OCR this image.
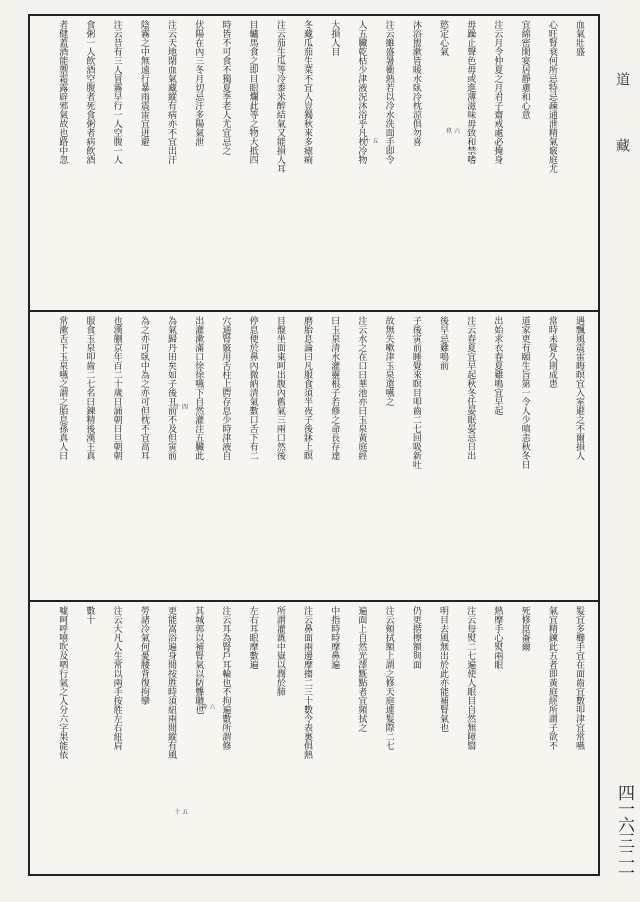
道 藏
血氣壯盛
心旺腎衰何所忌特忌疎通泄精氣竅庭尤
宜綿密閑宴居靜慮和心意
注云月令仲夏之月君子齋戒處必掩身
毋躁止聲色毋或進薄滋味毋致和禁嗜
慾定心氣
沐浴盥漱皆暖水臥冷枕涼俱勿喜
注云雖盛暑衝熱若以冷水洗面手即令
人五臟乾枯少津液況沐浴乎凡枕冷物
大損人目
冬藏瓜茄生菜不宜人豈獨秋來多瘧痢
注云茄生瓜等冷黍米醉結氣又能損人耳
目驢馬食之即目眼爛此等之物大抵四
時皆不可食不獨夏季老人尤宜忌之
伏陽在內三冬月切忌汗多陽氣泄
注云天地閉血氣藏縱有病亦不宜出汗
陰霧之中無遠行暴雨震雷宜迸避
注云昔有三人冒霧早行一人空腹一人
食粥一人飲酒空腹者死食粥者病飲酒
者健蓋酒能禦霜露辟邪氣故也路中忽	玖 六
十 五
遇飄風震雷晦暝宜入室避之不爾損人
當時未覺久則成患
道家更有頤生旨第一令人少嗔恚秋冬日
出始求衣春夏雞鳴宜早起
注云春夏宜早起秋冬任晏眠晏忌日出
後早忌雞鳴前
子後寅前睡覺來瞑目叩齒二七回吸新吐
故無失嗽津玉泉還嚥之
注云水之在口曰華池亦曰玉泉黃庭經
曰玉泉清水灌靈根子若修之命長存達
磨胎息論曰凡服食須半夜子後牀上瞑
目盤坐面東呵出腹內舊氣三兩口然後
停息便於鼻內微納清氣數口舌下有二
穴通腎竅用舌柱上腭存息少時津液自
出灌漱滿口徐徐嚥下自然灌注五臟此
為氣歸丹田矣如子後丑前不及但寅前
為之亦可臥中為之亦可但枕不宜高耳
也漢蒯京年百二十歲日誦朝日旦朝朝
服食玉泉叩齒二七名曰鍊精後漢王真
常漱舌下玉泉嚥之謂之胎息孫真人曰	十 四
髮宜多櫛手宜在面齒宜數叩津宜常嚥
氣宜精鍊此五者即黃庭經所謂子欲不
死修崑崙爾
熱摩手心熨兩眼
注云每熨二七遍使人眼目自然無障翳
明目去風無出於此亦能補腎氣也
仍更揩擦額與面
注云頰拭額上謂之修天庭連髮際二七
遍面上自然光澤黖點者宜頻拭之
中指時時摩鼻遍
注云鼻面兩邊摩搊二三十數令表裏俱熱
所謂灌溉中嶽以潤於肺
左右耳眼摩數遍
注云耳為腎戶耳輪也不拘遍數所謂修
其城郭以補腎氣以防聾聵也
更能嵩浴遍身間按胜時須紐兩間縱有風
勞諸冷氣何憂腰背復拘攣
注云大凡人生常以兩手按胜左右紐肩
數十
噓呵呼嘻吹及呬行氣之人分六字果能依	陸 六
十 五	四一六三二一
